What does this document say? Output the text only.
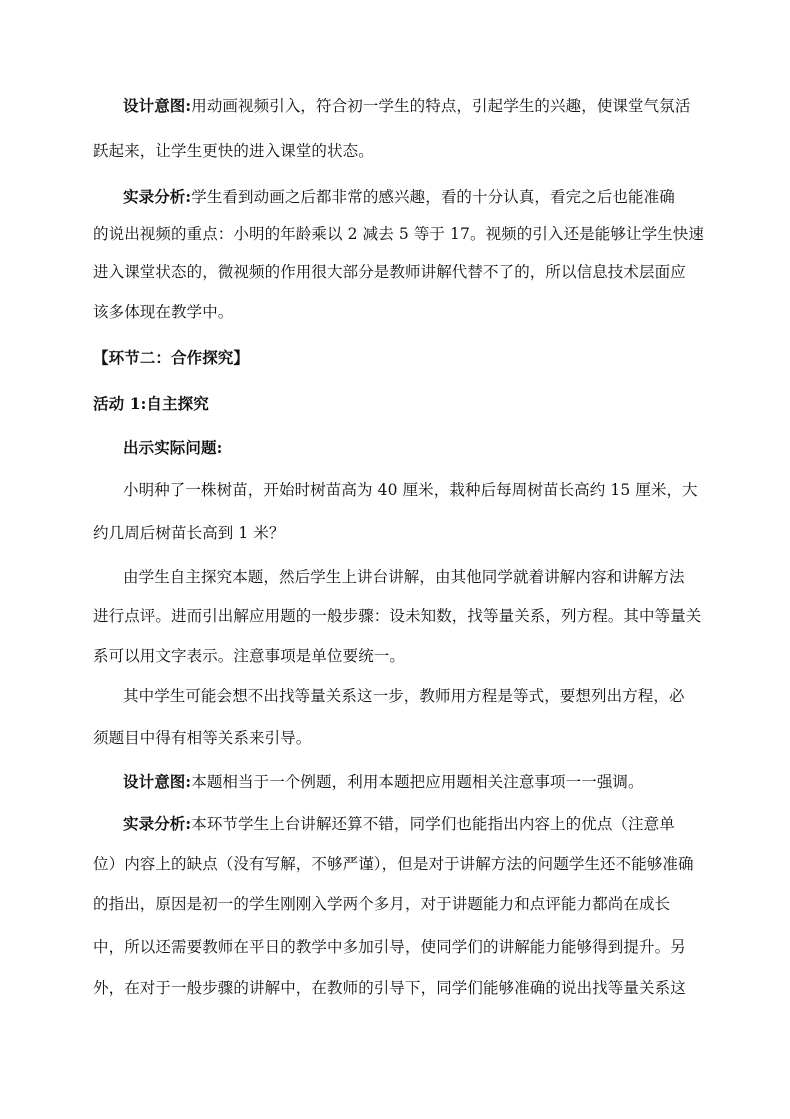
设计意图:用动画视频引入，符合初一学生的特点，引起学生的兴趣，使课堂气氛活
跃起来，让学生更快的进入课堂的状态。
实录分析:学生看到动画之后都非常的感兴趣，看的十分认真，看完之后也能准确
的说出视频的重点：小明的年龄乘以 2 减去 5 等于 17。视频的引入还是能够让学生快速
进入课堂状态的，微视频的作用很大部分是教师讲解代替不了的，所以信息技术层面应
该多体现在教学中。
【环节二：合作探究】
活动 1:自主探究
出示实际问题:
小明种了一株树苗，开始时树苗高为 40 厘米，栽种后每周树苗长高约 15 厘米，大
约几周后树苗长高到 1 米？
由学生自主探究本题，然后学生上讲台讲解，由其他同学就着讲解内容和讲解方法
进行点评。进而引出解应用题的一般步骤：设未知数，找等量关系，列方程。其中等量关
系可以用文字表示。注意事项是单位要统一。
其中学生可能会想不出找等量关系这一步，教师用方程是等式，要想列出方程，必
须题目中得有相等关系来引导。
设计意图:本题相当于一个例题，利用本题把应用题相关注意事项一一强调。
实录分析:本环节学生上台讲解还算不错，同学们也能指出内容上的优点（注意单
位）内容上的缺点（没有写解，不够严谨），但是对于讲解方法的问题学生还不能够准确
的指出，原因是初一的学生刚刚入学两个多月，对于讲题能力和点评能力都尚在成长
中，所以还需要教师在平日的教学中多加引导，使同学们的讲解能力能够得到提升。另
外，在对于一般步骤的讲解中，在教师的引导下，同学们能够准确的说出找等量关系这
